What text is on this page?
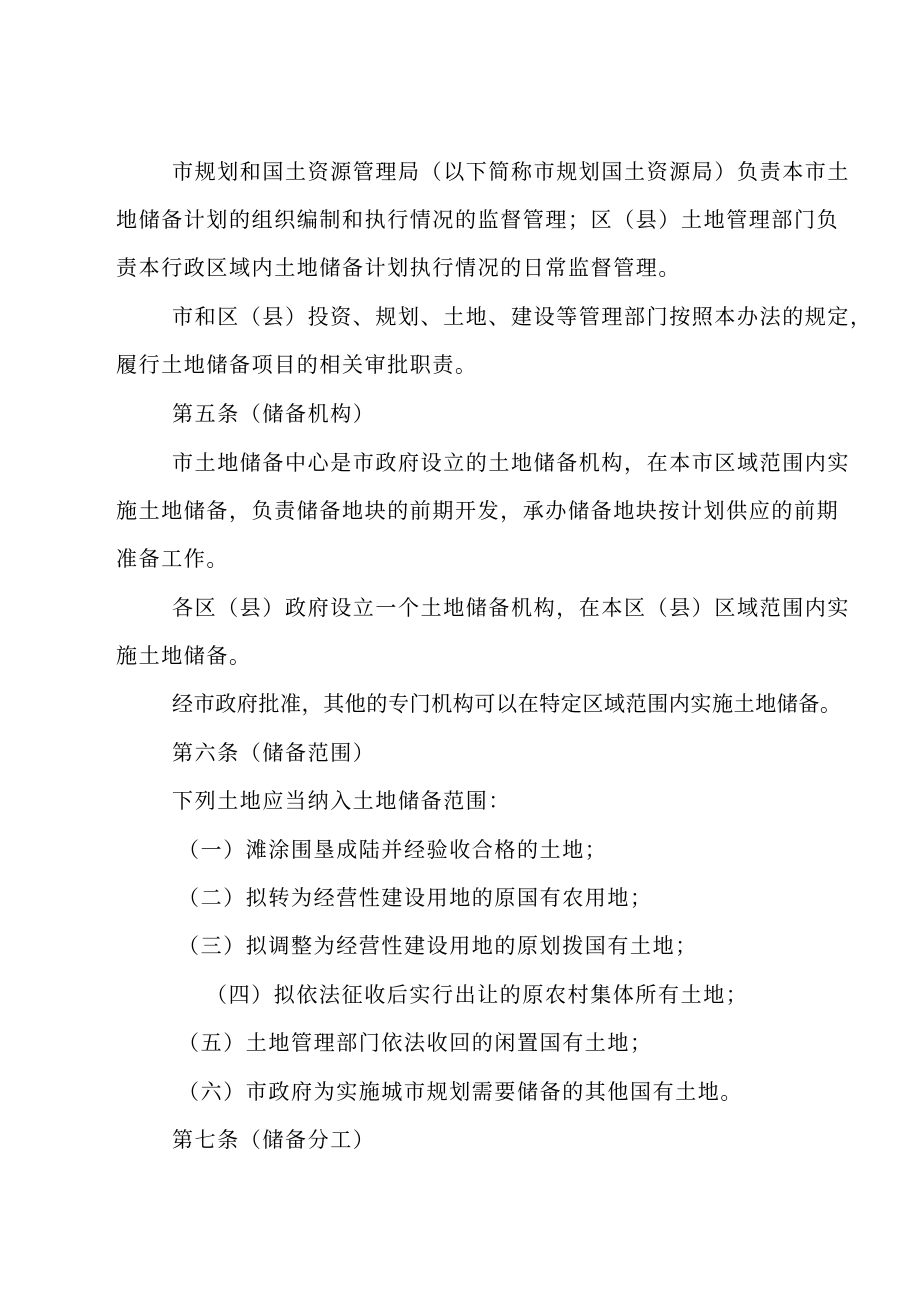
市规划和国土资源管理局（以下简称市规划国土资源局）负责本市土
地储备计划的组织编制和执行情况的监督管理；区（县）土地管理部门负
责本行政区域内土地储备计划执行情况的日常监督管理。
市和区（县）投资、规划、土地、建设等管理部门按照本办法的规定，
履行土地储备项目的相关审批职责。
第五条（储备机构）
市土地储备中心是市政府设立的土地储备机构，在本市区域范围内实
施土地储备，负责储备地块的前期开发，承办储备地块按计划供应的前期
准备工作。
各区（县）政府设立一个土地储备机构，在本区（县）区域范围内实
施土地储备。
经市政府批准，其他的专门机构可以在特定区域范围内实施土地储备。
第六条（储备范围）
下列土地应当纳入土地储备范围：
（一）滩涂围垦成陆并经验收合格的土地；
（二）拟转为经营性建设用地的原国有农用地；
（三）拟调整为经营性建设用地的原划拨国有土地；
（四）拟依法征收后实行出让的原农村集体所有土地；
（五）土地管理部门依法收回的闲置国有土地；
（六）市政府为实施城市规划需要储备的其他国有土地。
第七条（储备分工）
